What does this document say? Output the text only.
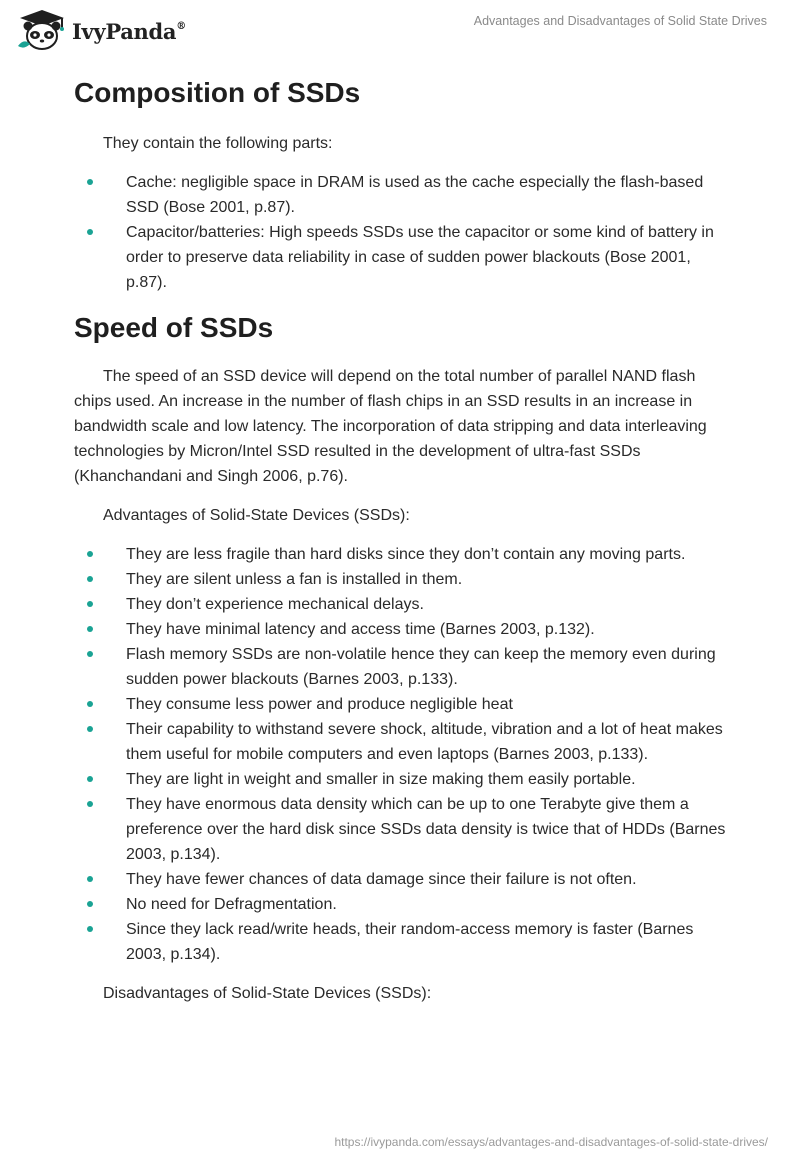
IvyPanda®	Advantages and Disadvantages of Solid State Drives
Composition of SSDs

They contain the following parts:

Cache: negligible space in DRAM is used as the cache especially the flash-based SSD (Bose 2001, p.87).
Capacitor/batteries: High speeds SSDs use the capacitor or some kind of battery in order to preserve data reliability in case of sudden power blackouts (Bose 2001, p.87).
Speed of SSDs

The speed of an SSD device will depend on the total number of parallel NAND flash chips used. An increase in the number of flash chips in an SSD results in an increase in bandwidth scale and low latency. The incorporation of data stripping and data interleaving technologies by Micron/Intel SSD resulted in the development of ultra-fast SSDs (Khanchandani and Singh 2006, p.76).

Advantages of Solid-State Devices (SSDs):

They are less fragile than hard disks since they don’t contain any moving parts.
They are silent unless a fan is installed in them.
They don’t experience mechanical delays.
They have minimal latency and access time (Barnes 2003, p.132).
Flash memory SSDs are non-volatile hence they can keep the memory even during sudden power blackouts (Barnes 2003, p.133).
They consume less power and produce negligible heat
Their capability to withstand severe shock, altitude, vibration and a lot of heat makes them useful for mobile computers and even laptops (Barnes 2003, p.133).
They are light in weight and smaller in size making them easily portable.
They have enormous data density which can be up to one Terabyte give them a preference over the hard disk since SSDs data density is twice that of HDDs (Barnes 2003, p.134).
They have fewer chances of data damage since their failure is not often.
No need for Defragmentation.
Since they lack read/write heads, their random-access memory is faster (Barnes 2003, p.134).

Disadvantages of Solid-State Devices (SSDs):

https://ivypanda.com/essays/advantages-and-disadvantages-of-solid-state-drives/
